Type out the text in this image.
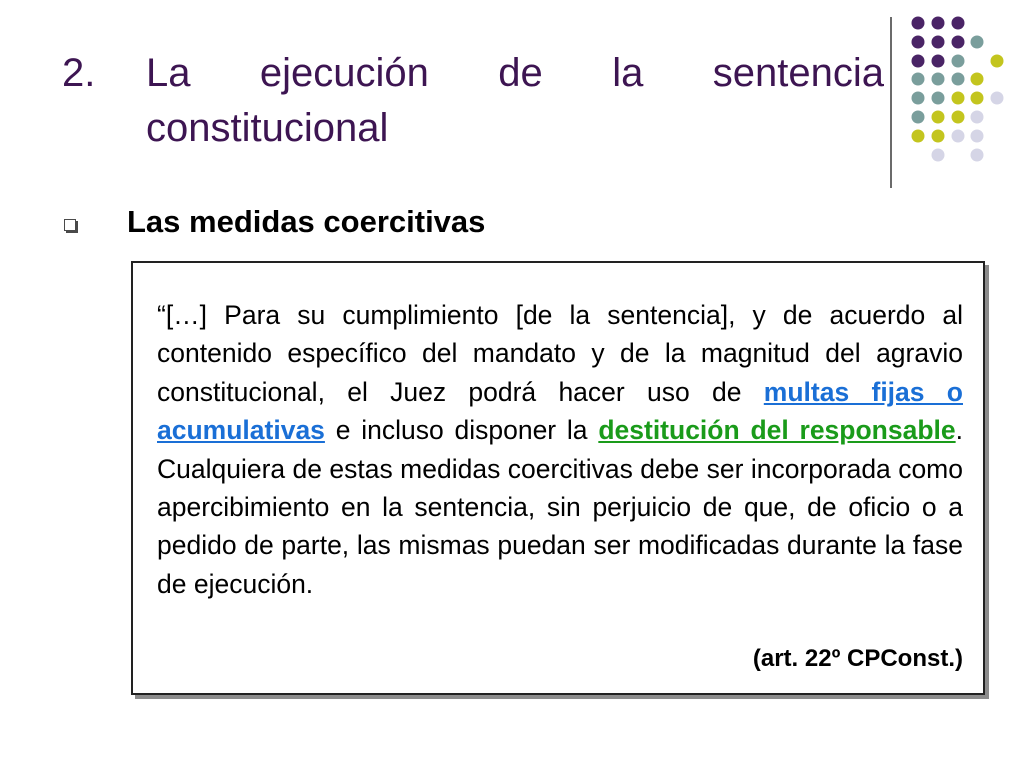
2. La ejecución de la sentencia
constitucional
Las medidas coercitivas
“[…] Para su cumplimiento [de la sentencia], y de acuerdo al contenido específico del mandato y de la magnitud del agravio constitucional, el Juez podrá hacer uso de multas fijas o acumulativas e incluso disponer la destitución del responsable. Cualquiera de estas medidas coercitivas debe ser incorporada como apercibimiento en la sentencia, sin perjuicio de que, de oficio o a pedido de parte, las mismas puedan ser modificadas durante la fase de ejecución.
(art. 22º CPConst.)
